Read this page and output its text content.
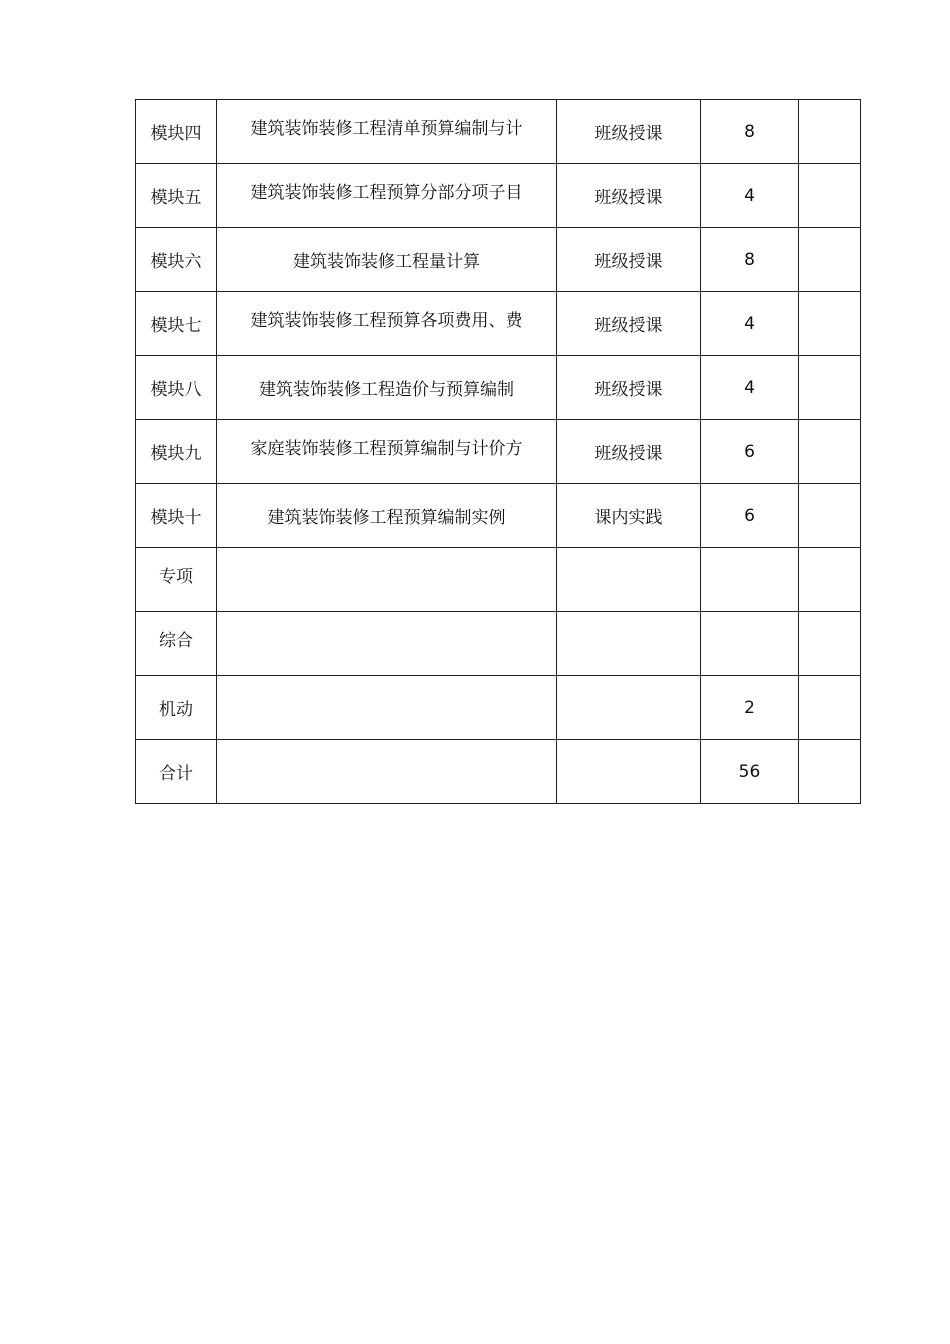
模块四	建筑装饰装修工程清单预算编制与计	班级授课	8	
模块五	建筑装饰装修工程预算分部分项子目	班级授课	4	
模块六	建筑装饰装修工程量计算	班级授课	8	
模块七	建筑装饰装修工程预算各项费用、费	班级授课	4	
模块八	建筑装饰装修工程造价与预算编制	班级授课	4	
模块九	家庭装饰装修工程预算编制与计价方	班级授课	6	
模块十	建筑装饰装修工程预算编制实例	课内实践	6	
专项				
综合				
机动			2	
合计			56	
